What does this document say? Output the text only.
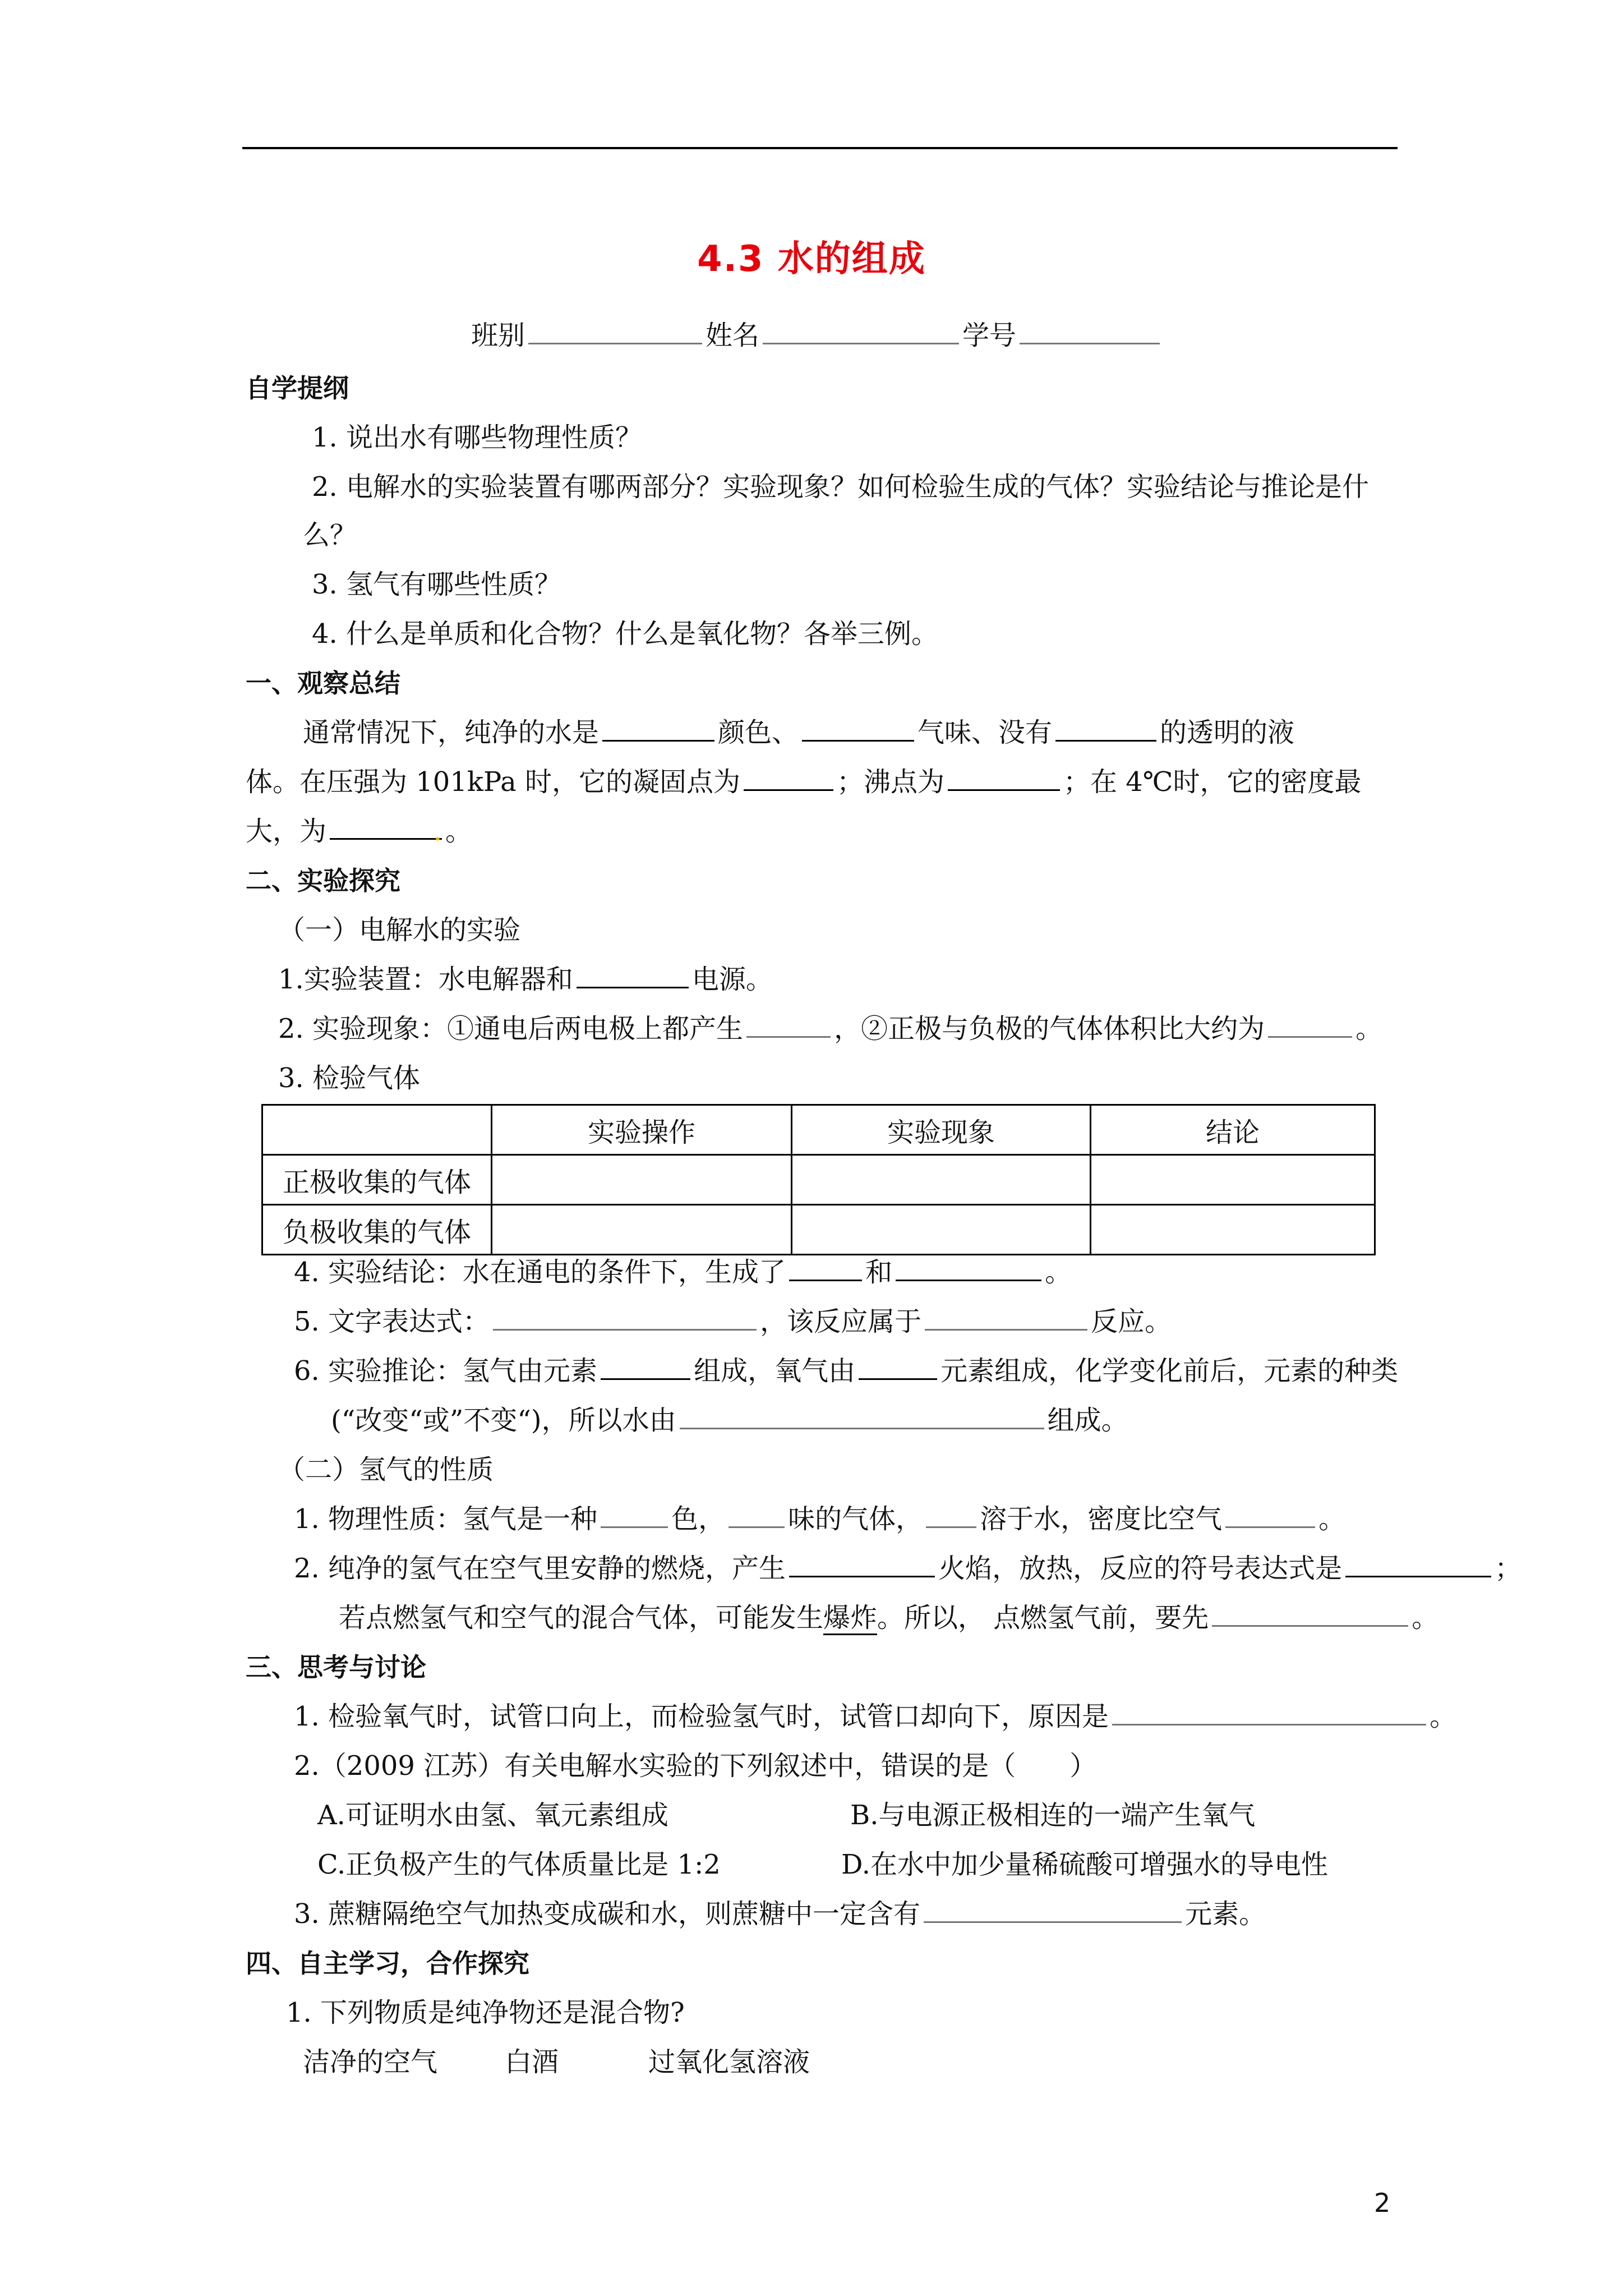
4.3 水的组成
班别	姓名	学号
自学提纲
1. 说出水有哪些物理性质？
2. 电解水的实验装置有哪两部分？实验现象？如何检验生成的气体？实验结论与推论是什
么？
3. 氢气有哪些性质？
4. 什么是单质和化合物？什么是氧化物？各举三例。
一、观察总结
通常情况下，纯净的水是	颜色、	气味、没有	的透明的液
体。在压强为 101kPa 时，它的凝固点为	；沸点为	；在 4℃时，它的密度最
大，为	. 。
二、实验探究
（一）电解水的实验
1.实验装置：水电解器和	电源。
2. 实验现象：①通电后两电极上都产生	，②正极与负极的气体体积比大约为	。
3. 检验气体
	实验操作	实验现象	结论
正极收集的气体			
负极收集的气体			
4. 实验结论：水在通电的条件下，生成了	和	。
5. 文字表达式：	，该反应属于	反应。
6. 实验推论：氢气由元素	组成，氧气由	元素组成，化学变化前后，元素的种类
(“改变“或”不变“)，所以水由	组成。
（二）氢气的性质
1. 物理性质：氢气是一种	色， 味的气体， 溶于水，密度比空气	。
2. 纯净的氢气在空气里安静的燃烧，产生	火焰，放热，反应的符号表达式是	；
若点燃氢气和空气的混合气体，可能发生爆炸。所以， 点燃氢气前，要先	。
三、思考与讨论
1. 检验氧气时，试管口向上，而检验氢气时，试管口却向下，原因是	。
2.（2009 江苏）有关电解水实验的下列叙述中，错误的是（　　）
A.可证明水由氢、氧元素组成	B.与电源正极相连的一端产生氧气
C.正负极产生的气体质量比是 1:2	D.在水中加少量稀硫酸可增强水的导电性
3. 蔗糖隔绝空气加热变成碳和水，则蔗糖中一定含有	元素。
四、自主学习，合作探究
1. 下列物质是纯净物还是混合物?
洁净的空气 白酒	过氧化氢溶液
2
